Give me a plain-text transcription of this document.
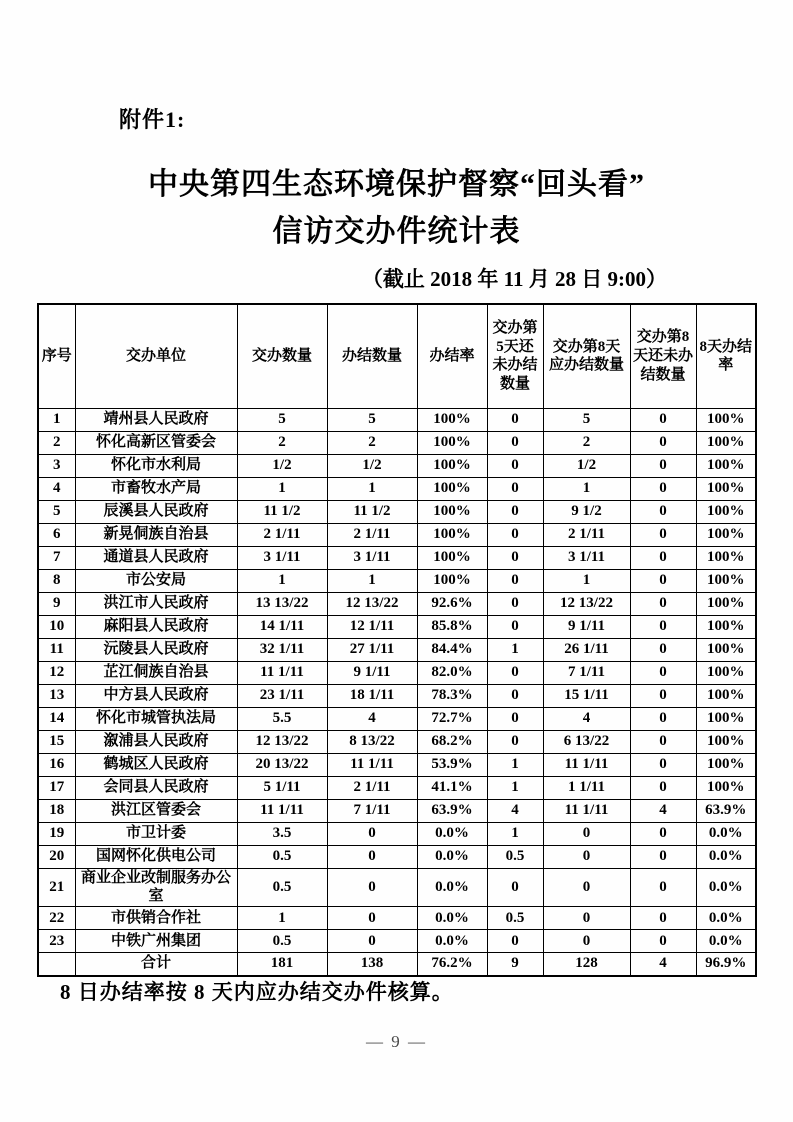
附件1:
中央第四生态环境保护督察“回头看”
信访交办件统计表
（截止 2018 年 11 月 28 日 9:00）
序号	交办单位	交办数量	办结数量	办结率	交办第5天还未办结数量	交办第8天应办结数量	交办第8天还未办结数量	8天办结率
1	靖州县人民政府	5	5	100%	0	5	0	100%
2	怀化高新区管委会	2	2	100%	0	2	0	100%
3	怀化市水利局	1/2	1/2	100%	0	1/2	0	100%
4	市畜牧水产局	1	1	100%	0	1	0	100%
5	辰溪县人民政府	11 1/2	11 1/2	100%	0	9 1/2	0	100%
6	新晃侗族自治县	2 1/11	2 1/11	100%	0	2 1/11	0	100%
7	通道县人民政府	3 1/11	3 1/11	100%	0	3 1/11	0	100%
8	市公安局	1	1	100%	0	1	0	100%
9	洪江市人民政府	13 13/22	12 13/22	92.6%	0	12 13/22	0	100%
10	麻阳县人民政府	14 1/11	12 1/11	85.8%	0	9 1/11	0	100%
11	沅陵县人民政府	32 1/11	27 1/11	84.4%	1	26 1/11	0	100%
12	芷江侗族自治县	11 1/11	9 1/11	82.0%	0	7 1/11	0	100%
13	中方县人民政府	23 1/11	18 1/11	78.3%	0	15 1/11	0	100%
14	怀化市城管执法局	5.5	4	72.7%	0	4	0	100%
15	溆浦县人民政府	12 13/22	8 13/22	68.2%	0	6 13/22	0	100%
16	鹤城区人民政府	20 13/22	11 1/11	53.9%	1	11 1/11	0	100%
17	会同县人民政府	5 1/11	2 1/11	41.1%	1	1 1/11	0	100%
18	洪江区管委会	11 1/11	7 1/11	63.9%	4	11 1/11	4	63.9%
19	市卫计委	3.5	0	0.0%	1	0	0	0.0%
20	国网怀化供电公司	0.5	0	0.0%	0.5	0	0	0.0%
21	商业企业改制服务办公室	0.5	0	0.0%	0	0	0	0.0%
22	市供销合作社	1	0	0.0%	0.5	0	0	0.0%
23	中铁广州集团	0.5	0	0.0%	0	0	0	0.0%
	合计	181	138	76.2%	9	128	4	96.9%
8 日办结率按 8 天内应办结交办件核算。
— 9 —
